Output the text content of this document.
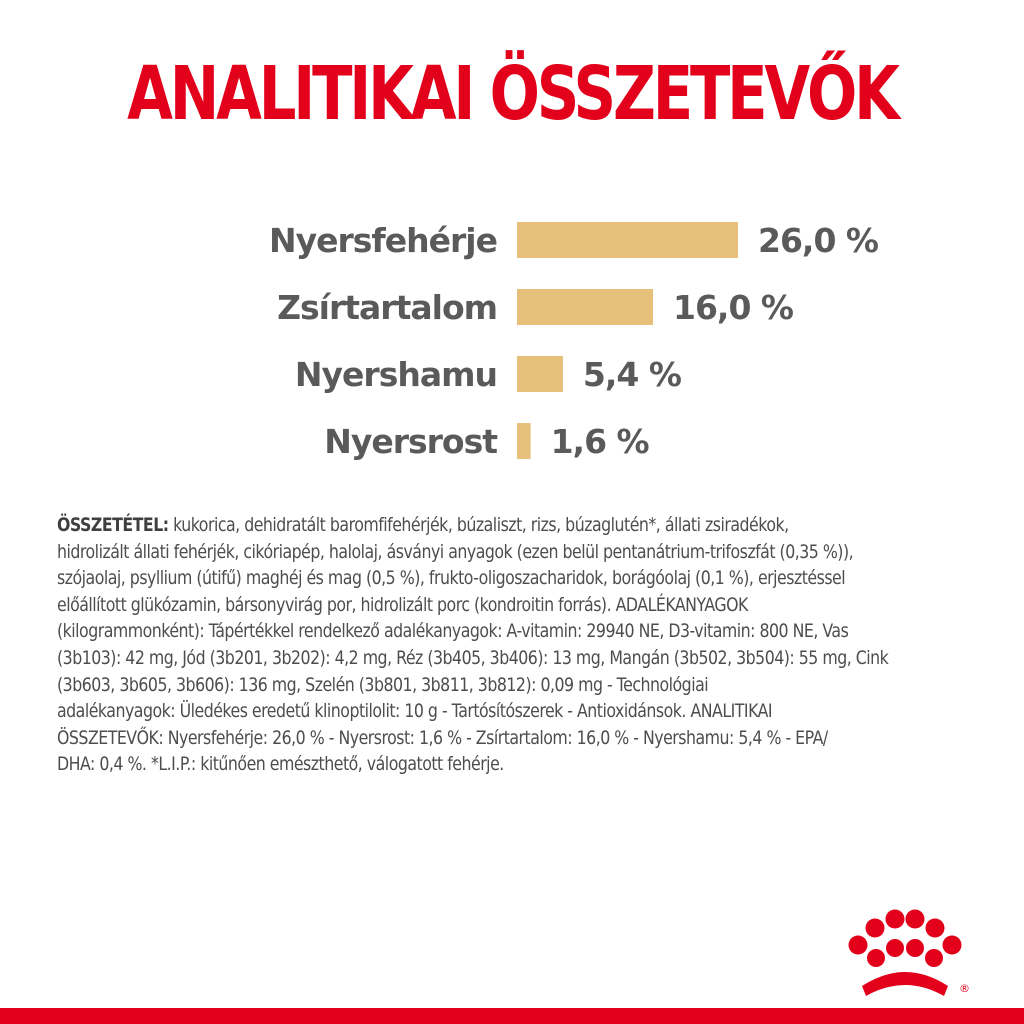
ANALITIKAI ÖSSZETEVŐK
Nyersfehérje	26,0 %
Zsírtartalom	16,0 %
Nyershamu	5,4 %
Nyersrost 1,6 %

ÖSSZETÉTEL: kukorica, dehidratált baromfifehérjék, búzaliszt, rizs, búzaglutén*, állati zsiradékok,
hidrolizált állati fehérjék, cikóriapép, halolaj, ásványi anyagok (ezen belül pentanátrium-trifoszfát (0,35 %)),
szójaolaj, psyllium (útifű) maghéj és mag (0,5 %), frukto-oligoszacharidok, borágóolaj (0,1 %), erjesztéssel
előállított glükózamin, bársonyvirág por, hidrolizált porc (kondroitin forrás). ADALÉKANYAGOK
(kilogrammonként): Tápértékkel rendelkező adalékanyagok: A-vitamin: 29940 NE, D3-vitamin: 800 NE, Vas
(3b103): 42 mg, Jód (3b201, 3b202): 4,2 mg, Réz (3b405, 3b406): 13 mg, Mangán (3b502, 3b504): 55 mg, Cink
(3b603, 3b605, 3b606): 136 mg, Szelén (3b801, 3b811, 3b812): 0,09 mg - Technológiai
adalékanyagok: Üledékes eredetű klinoptilolit: 10 g - Tartósítószerek - Antioxidánsok. ANALITIKAI
ÖSSZETEVŐK: Nyersfehérje: 26,0 % - Nyersrost: 1,6 % - Zsírtartalom: 16,0 % - Nyershamu: 5,4 % - EPA/
DHA: 0,4 %. *L.I.P.: kitűnően emészthető, válogatott fehérje.

®
